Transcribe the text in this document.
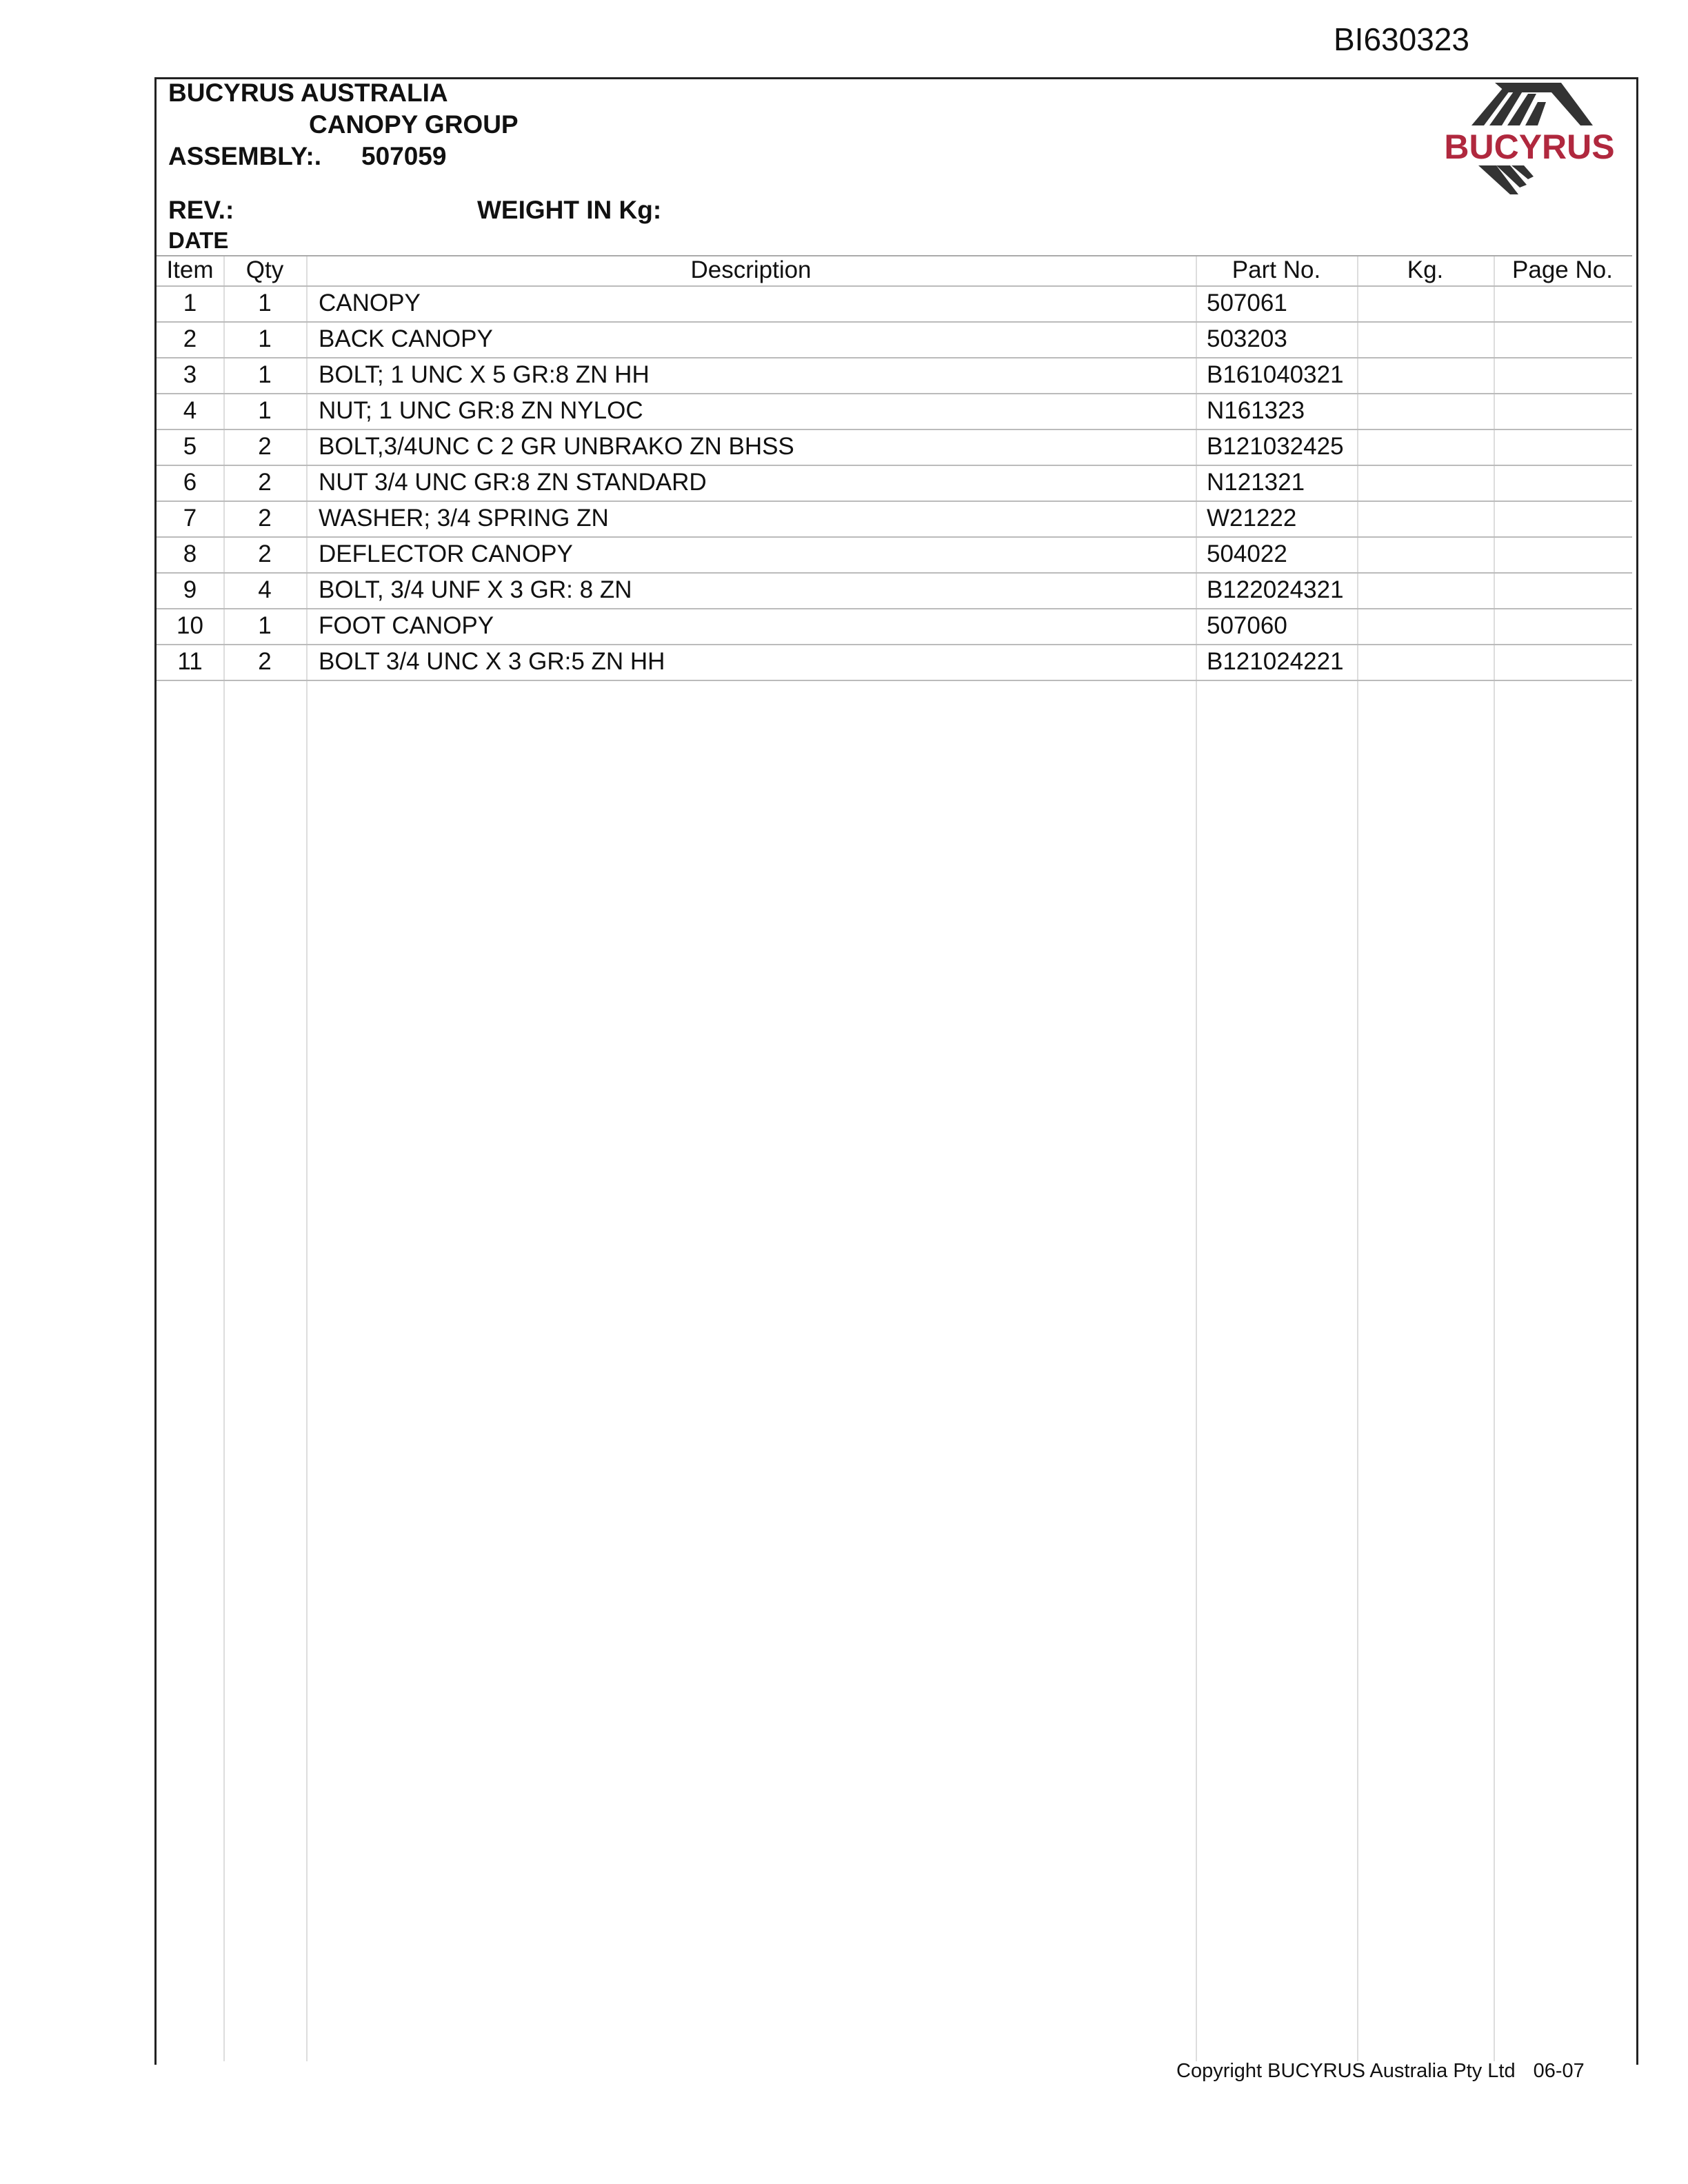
BI630323
BUCYRUS AUSTRALIA
CANOPY GROUP
ASSEMBLY:. 507059
REV.:	WEIGHT IN Kg:
DATE
BUCYRUS
Item	Qty	Description	Part No.	Kg.	Page No.
1	1	CANOPY	507061
2	1	BACK CANOPY	503203
3	1	BOLT; 1 UNC X 5 GR:8 ZN HH	B161040321
4	1	NUT; 1 UNC GR:8 ZN NYLOC	N161323
5	2	BOLT,3/4UNC C 2 GR UNBRAKO ZN BHSS	B121032425
6	2	NUT 3/4 UNC GR:8 ZN STANDARD	N121321
7	2	WASHER; 3/4 SPRING ZN	W21222
8	2	DEFLECTOR CANOPY	504022
9	4	BOLT, 3/4 UNF X 3 GR: 8 ZN	B122024321
10	1	FOOT CANOPY	507060
11	2	BOLT 3/4 UNC X 3 GR:5 ZN HH	B121024221
Copyright BUCYRUS Australia Pty Ltd 06-07
